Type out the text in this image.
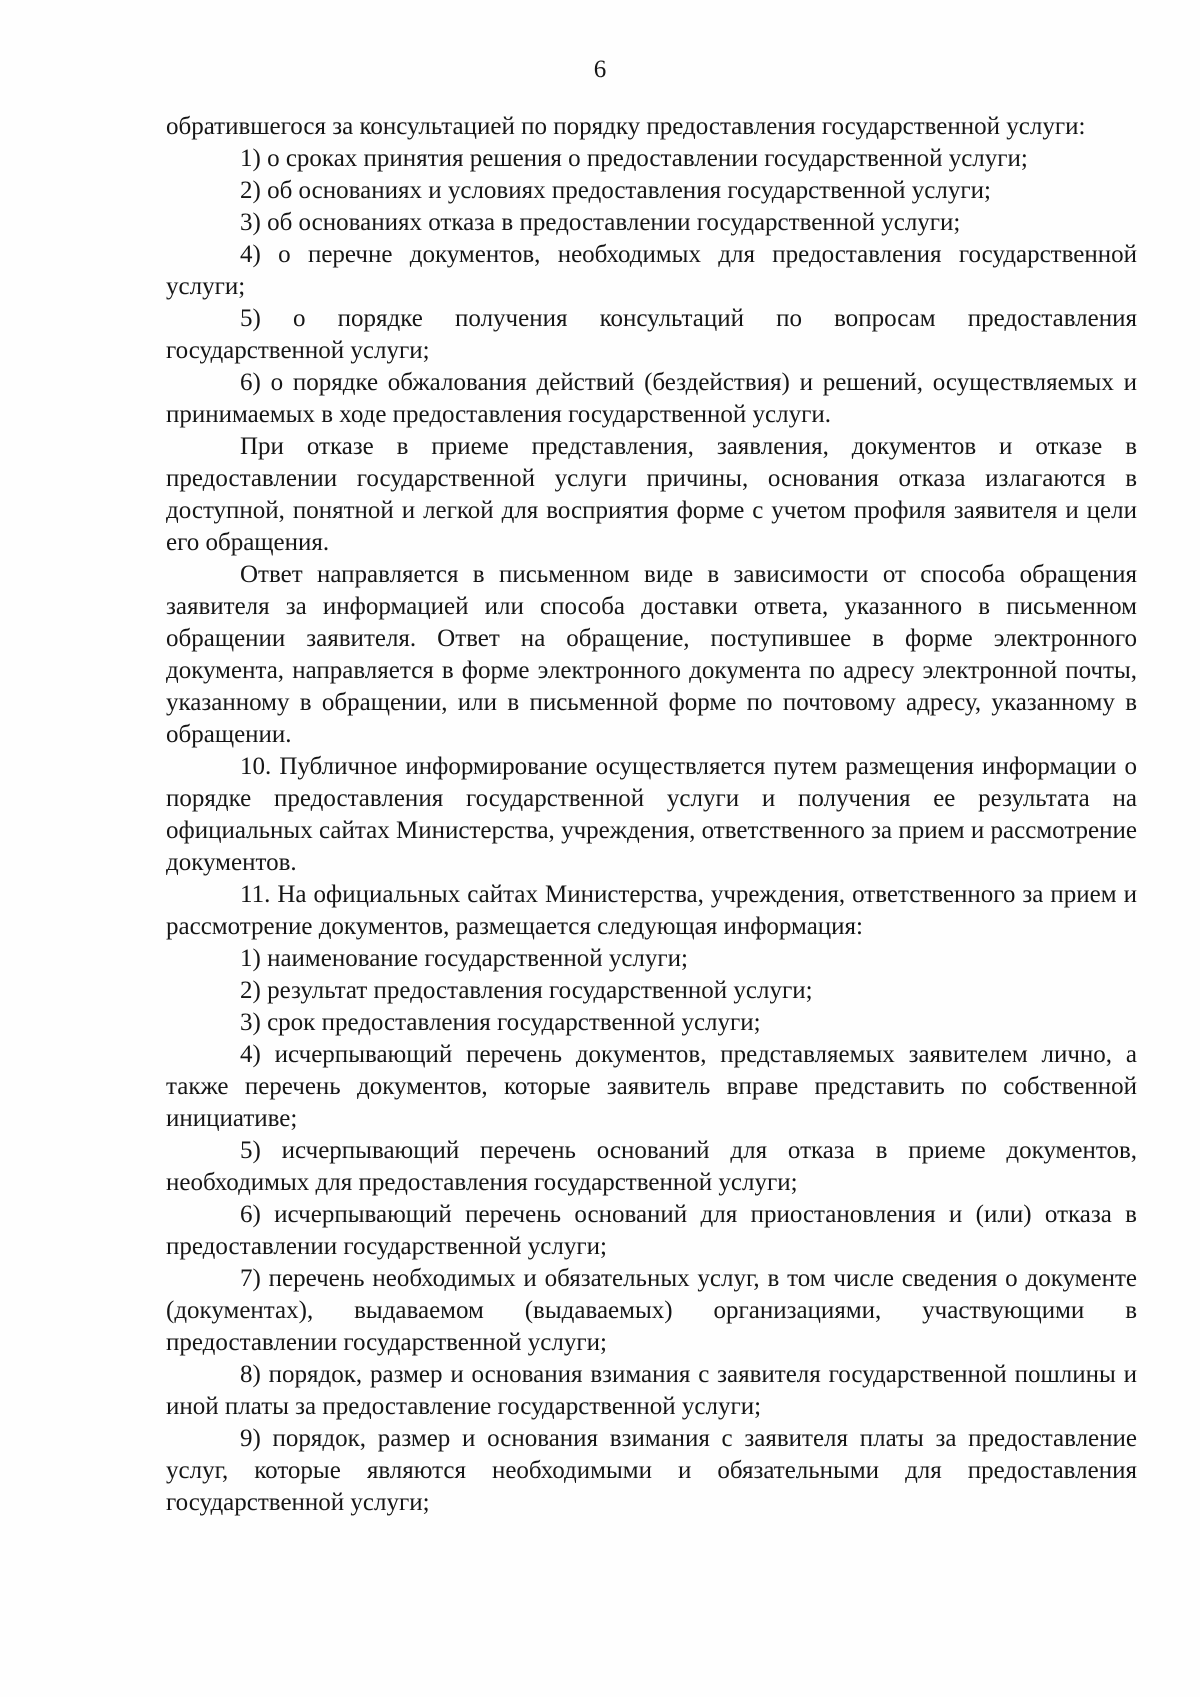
6

обратившегося за консультацией по порядку предоставления государственной услуги:

1) о сроках принятия решения о предоставлении государственной услуги;

2) об основаниях и условиях предоставления государственной услуги;

3) об основаниях отказа в предоставлении государственной услуги;

4) о перечне документов, необходимых для предоставления государственной услуги;

5) о порядке получения консультаций по вопросам предоставления государственной услуги;

6) о порядке обжалования действий (бездействия) и решений, осуществляемых и принимаемых в ходе предоставления государственной услуги.

При отказе в приеме представления, заявления, документов и отказе в предоставлении государственной услуги причины, основания отказа излагаются в доступной, понятной и легкой для восприятия форме с учетом профиля заявителя и цели его обращения.

Ответ направляется в письменном виде в зависимости от способа обращения заявителя за информацией или способа доставки ответа, указанного в письменном обращении заявителя. Ответ на обращение, поступившее в форме электронного документа, направляется в форме электронного документа по адресу электронной почты, указанному в обращении, или в письменной форме по почтовому адресу, указанному в обращении.

10. Публичное информирование осуществляется путем размещения информации о порядке предоставления государственной услуги и получения ее результата на официальных сайтах Министерства, учреждения, ответственного за прием и рассмотрение документов.

11. На официальных сайтах Министерства, учреждения, ответственного за прием и рассмотрение документов, размещается следующая информация:

1) наименование государственной услуги;

2) результат предоставления государственной услуги;

3) срок предоставления государственной услуги;

4) исчерпывающий перечень документов, представляемых заявителем лично, а также перечень документов, которые заявитель вправе представить по собственной инициативе;

5) исчерпывающий перечень оснований для отказа в приеме документов, необходимых для предоставления государственной услуги;

6) исчерпывающий перечень оснований для приостановления и (или) отказа в предоставлении государственной услуги;

7) перечень необходимых и обязательных услуг, в том числе сведения о документе (документах), выдаваемом (выдаваемых) организациями, участвующими в предоставлении государственной услуги;

8) порядок, размер и основания взимания с заявителя государственной пошлины и иной платы за предоставление государственной услуги;

9) порядок, размер и основания взимания с заявителя платы за предоставление услуг, которые являются необходимыми и обязательными для предоставления государственной услуги;
